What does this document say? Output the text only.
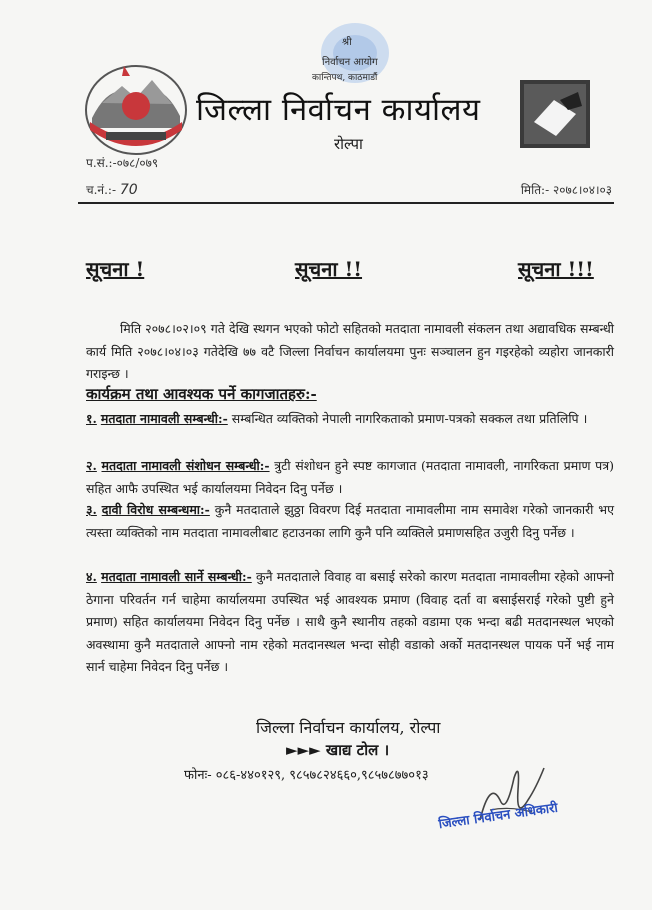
श्री
निर्वाचन आयोग
कान्तिपथ, काठमाडौं
जिल्ला निर्वाचन कार्यालय
रोल्पा
प.सं.:-०७८/०७९
च.नं.:- 70	मिति:- २०७८।०४।०३
सूचना !	सूचना !!	सूचना !!!
मिति २०७८।०२।०९ गते देखि स्थगन भएको फोटो सहितको मतदाता नामावली संकलन तथा अद्यावधिक सम्बन्धी कार्य मिति २०७८।०४।०३ गतेदेखि ७७ वटै जिल्ला निर्वाचन कार्यालयमा पुनः सञ्चालन हुन गइरहेको व्यहोरा जानकारी गराइन्छ ।
कार्यक्रम तथा आवश्यक पर्ने कागजातहरु:-
१. मतदाता नामावली सम्बन्धी:- सम्बन्धित व्यक्तिको नेपाली नागरिकताको प्रमाण-पत्रको सक्कल तथा प्रतिलिपि ।
२. मतदाता नामावली संशोधन सम्बन्धी:- त्रुटी संशोधन हुने स्पष्ट कागजात (मतदाता नामावली, नागरिकता प्रमाण पत्र) सहित आफै उपस्थित भई कार्यालयमा निवेदन दिनु पर्नेछ ।
३. दावी विरोध सम्बन्धमा:- कुनै मतदाताले झुठ्ठा विवरण दिई मतदाता नामावलीमा नाम समावेश गरेको जानकारी भए त्यस्ता व्यक्तिको नाम मतदाता नामावलीबाट हटाउनका लागि कुनै पनि व्यक्तिले प्रमाणसहित उजुरी दिनु पर्नेछ ।
४. मतदाता नामावली सार्ने सम्बन्धी:- कुनै मतदाताले विवाह वा बसाई सरेको कारण मतदाता नामावलीमा रहेको आफ्नो ठेगाना परिवर्तन गर्न चाहेमा कार्यालयमा उपस्थित भई आवश्यक प्रमाण (विवाह दर्ता वा बसाईसराई गरेको पुष्टी हुने प्रमाण) सहित कार्यालयमा निवेदन दिनु पर्नेछ । साथै कुनै स्थानीय तहको वडामा एक भन्दा बढी मतदानस्थल भएको अवस्थामा कुनै मतदाताले आफ्नो नाम रहेको मतदानस्थल भन्दा सोही वडाको अर्को मतदानस्थल पायक पर्ने भई नाम सार्न चाहेमा निवेदन दिनु पर्नेछ ।
जिल्ला निर्वाचन कार्यालय, रोल्पा
►►► खाद्य टोल ।
फोनः- ०८६-४४०१२९, ९८५७८२४६६०,९८५७८७७०१३
जिल्ला निर्वाचन अधिकारी
